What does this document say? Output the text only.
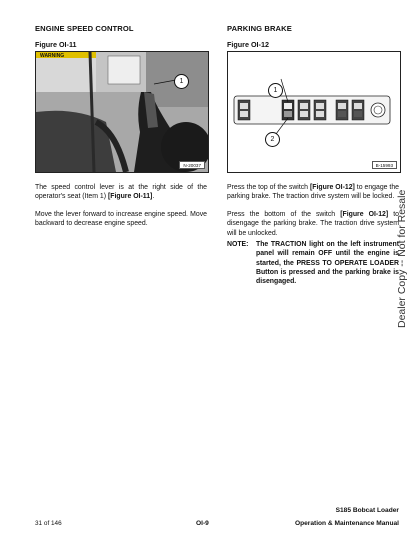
ENGINE SPEED CONTROL
Figure OI-11
WARNING
1
N-20037
The speed control lever is at the right side of the operator's seat (Item 1) [Figure OI-11].
Move the lever forward to increase engine speed. Move backward to decrease engine speed.
PARKING BRAKE
Figure OI-12
1
2
B-15993
Press the top of the switch [Figure OI-12] to engage the parking brake. The traction drive system will be locked.
Press the bottom of the switch [Figure OI-12] to disengage the parking brake. The traction drive system will be unlocked.
NOTE: The TRACTION light on the left instrument panel will remain OFF until the engine is started, the PRESS TO OPERATE LOADER Button is pressed and the parking brake is disengaged.	Dealer Copy -- Not for Resale
31 of 146	OI-9
S185 Bobcat Loader
Operation & Maintenance Manual
